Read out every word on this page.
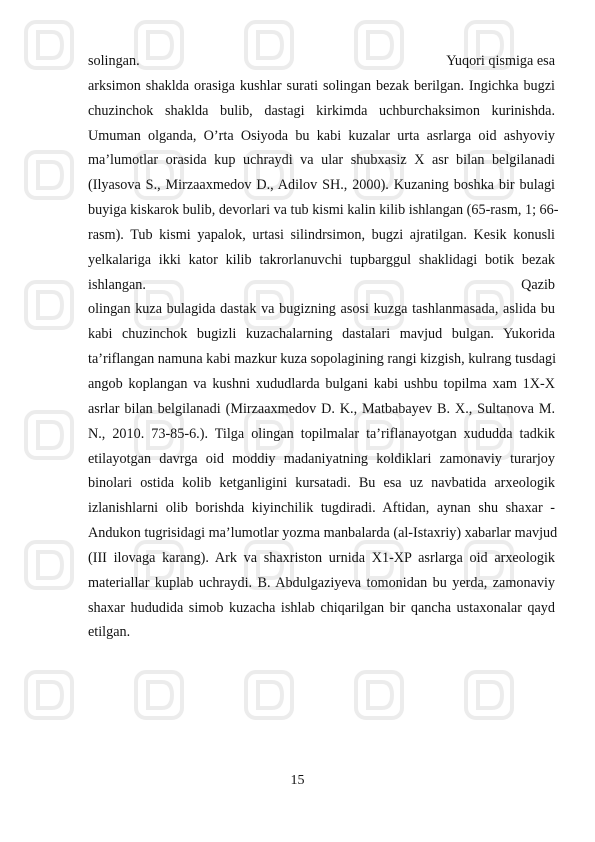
solingan.	Yuqori qismiga esa
arksimon shaklda orasiga kushlar surati solingan bezak berilgan. Ingichka bugzi
chuzinchok shaklda bulib, dastagi kirkimda uchburchaksimon kurinishda.
Umuman olganda, O’rta Osiyoda bu kabi kuzalar urta asrlarga oid ashyoviy
ma’lumotlar orasida kup uchraydi va ular shubxasiz X asr bilan belgilanadi
(Ilyasova S., Mirzaaxmedov D., Adilov SH., 2000). Kuzaning boshka bir bulagi
buyiga kiskarok bulib, devorlari va tub kismi kalin kilib ishlangan (65-rasm, 1; 66-
rasm). Tub kismi yapalok, urtasi silindrsimon, bugzi ajratilgan. Kesik konusli
yelkalariga ikki kator kilib takrorlanuvchi tupbarggul shaklidagi botik bezak
ishlangan.	Qazib
olingan kuza bulagida dastak va bugizning asosi kuzga tashlanmasada, aslida bu
kabi chuzinchok bugizli kuzachalarning dastalari mavjud bulgan. Yukorida
ta’riflangan namuna kabi mazkur kuza sopolagining rangi kizgish, kulrang tusdagi
angob koplangan va kushni xududlarda bulgani kabi ushbu topilma xam 1X-X
asrlar bilan belgilanadi (Mirzaaxmedov D. K., Matbabayev B. X., Sultanova M.
N., 2010. 73-85-6.). Tilga olingan topilmalar ta’riflanayotgan xududda tadkik
etilayotgan davrga oid moddiy madaniyatning koldiklari zamonaviy turarjoy
binolari ostida kolib ketganligini kursatadi. Bu esa uz navbatida arxeologik
izlanishlarni olib borishda kiyinchilik tugdiradi. Aftidan, aynan shu shaxar -
Andukon tugrisidagi ma’lumotlar yozma manbalarda (al-Istaxriy) xabarlar mavjud
(III ilovaga karang). Ark va shaxriston urnida X1-XP asrlarga oid arxeologik
materiallar kuplab uchraydi. B. Abdulgaziyeva tomonidan bu yerda, zamonaviy
shaxar hududida simob kuzacha ishlab chiqarilgan bir qancha ustaxonalar qayd
etilgan.
15
